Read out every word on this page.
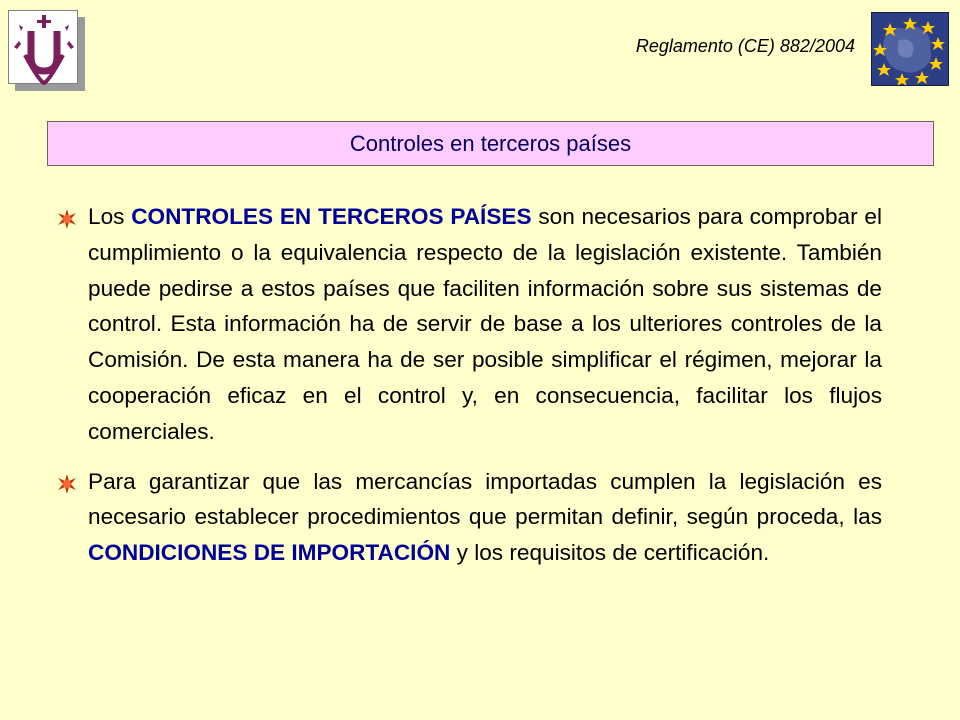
Reglamento (CE) 882/2004
Controles en terceros países

Los CONTROLES EN TERCEROS PAÍSES son necesarios para comprobar el cumplimiento o la equivalencia respecto de la legislación existente. También puede pedirse a estos países que faciliten información sobre sus sistemas de control. Esta información ha de servir de base a los ulteriores controles de la Comisión. De esta manera ha de ser posible simplificar el régimen, mejorar la cooperación eficaz en el control y, en consecuencia, facilitar los flujos comerciales.

Para garantizar que las mercancías importadas cumplen la legislación es necesario establecer procedimientos que permitan definir, según proceda, las CONDICIONES DE IMPORTACIÓN y los requisitos de certificación.
